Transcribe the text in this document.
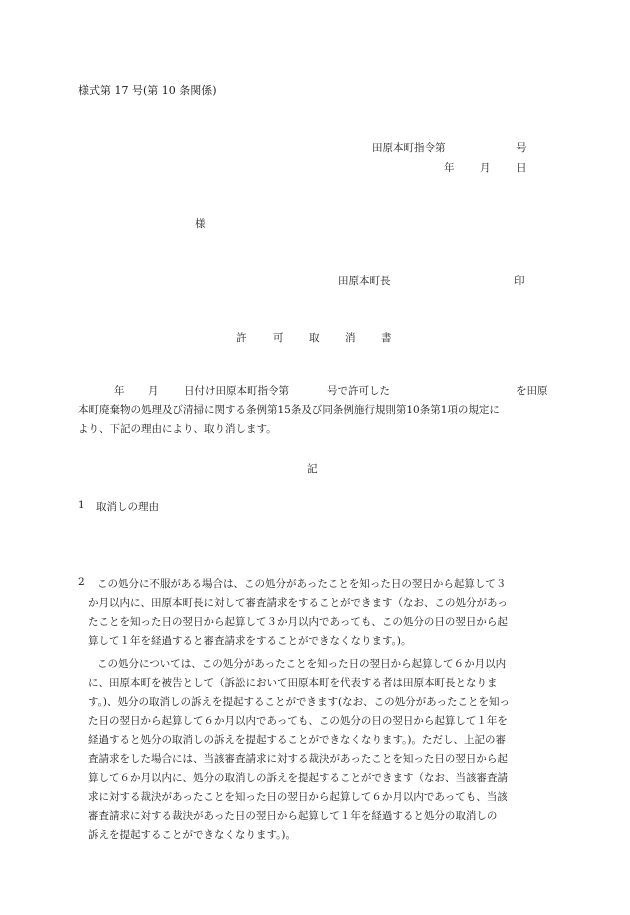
様式第 17 号(第 10 条関係)
田原本町指令第	号
年 月 日
様
田原本町長	印
許	可 取 消 書
年 月 日付け田原本町指令第	号で許可した	を田原
本町廃棄物の処理及び清掃に関する条例第15条及び同条例施行規則第10条第1項の規定に
より、下記の理由により、取り消します。
記
1 取消しの理由
2 この処分に不服がある場合は、この処分があったことを知った日の翌日から起算して３
か月以内に、田原本町長に対して審査請求をすることができます（なお、この処分があっ
たことを知った日の翌日から起算して３か月以内であっても、この処分の日の翌日から起
算して１年を経過すると審査請求をすることができなくなります。)。
この処分については、この処分があったことを知った日の翌日から起算して６か月以内
に、田原本町を被告として（訴訟において田原本町を代表する者は田原本町長となりま
す。)、処分の取消しの訴えを提起することができます(なお、この処分があったことを知っ
た日の翌日から起算して６か月以内であっても、この処分の日の翌日から起算して１年を
経過すると処分の取消しの訴えを提起することができなくなります。)。ただし、上記の審
査請求をした場合には、当該審査請求に対する裁決があったことを知った日の翌日から起
算して６か月以内に、処分の取消しの訴えを提起することができます（なお、当該審査請
求に対する裁決があったことを知った日の翌日から起算して６か月以内であっても、当該
審査請求に対する裁決があった日の翌日から起算して１年を経過すると処分の取消しの
訴えを提起することができなくなります。)。
